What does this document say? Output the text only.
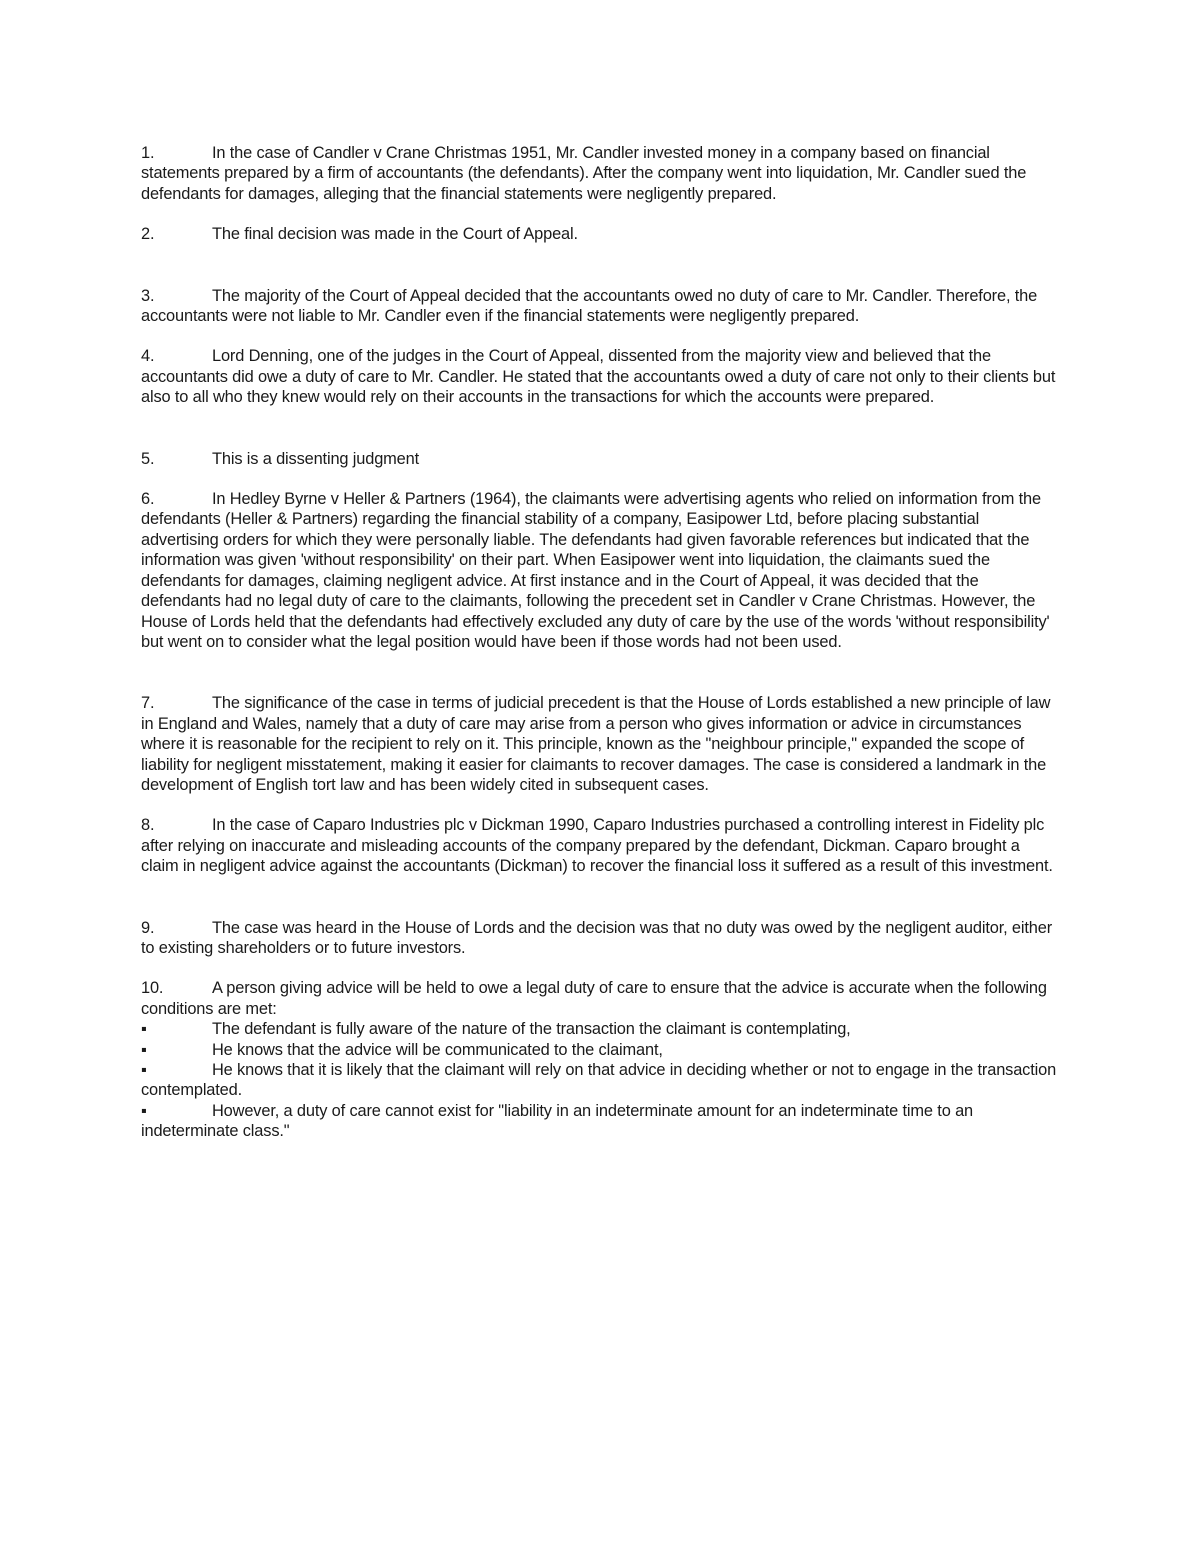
1.	In the case of Candler v Crane Christmas 1951, Mr. Candler invested money in a company based on financial statements prepared by a firm of accountants (the defendants). After the company went into liquidation, Mr. Candler sued the defendants for damages, alleging that the financial statements were negligently prepared.

2.	The final decision was made in the Court of Appeal.

3.	The majority of the Court of Appeal decided that the accountants owed no duty of care to Mr. Candler. Therefore, the accountants were not liable to Mr. Candler even if the financial statements were negligently prepared.

4.	Lord Denning, one of the judges in the Court of Appeal, dissented from the majority view and believed that the accountants did owe a duty of care to Mr. Candler. He stated that the accountants owed a duty of care not only to their clients but also to all who they knew would rely on their accounts in the transactions for which the accounts were prepared.

5.	This is a dissenting judgment

6.	In Hedley Byrne v Heller & Partners (1964), the claimants were advertising agents who relied on information from the defendants (Heller & Partners) regarding the financial stability of a company, Easipower Ltd, before placing substantial advertising orders for which they were personally liable. The defendants had given favorable references but indicated that the information was given 'without responsibility' on their part. When Easipower went into liquidation, the claimants sued the defendants for damages, claiming negligent advice. At first instance and in the Court of Appeal, it was decided that the defendants had no legal duty of care to the claimants, following the precedent set in Candler v Crane Christmas. However, the House of Lords held that the defendants had effectively excluded any duty of care by the use of the words 'without responsibility' but went on to consider what the legal position would have been if those words had not been used.

7.	The significance of the case in terms of judicial precedent is that the House of Lords established a new principle of law in England and Wales, namely that a duty of care may arise from a person who gives information or advice in circumstances where it is reasonable for the recipient to rely on it. This principle, known as the "neighbour principle," expanded the scope of liability for negligent misstatement, making it easier for claimants to recover damages. The case is considered a landmark in the development of English tort law and has been widely cited in subsequent cases.

8.	In the case of Caparo Industries plc v Dickman 1990, Caparo Industries purchased a controlling interest in Fidelity plc after relying on inaccurate and misleading accounts of the company prepared by the defendant, Dickman. Caparo brought a claim in negligent advice against the accountants (Dickman) to recover the financial loss it suffered as a result of this investment.

9.	The case was heard in the House of Lords and the decision was that no duty was owed by the negligent auditor, either to existing shareholders or to future investors.

10.	A person giving advice will be held to owe a legal duty of care to ensure that the advice is accurate when the following conditions are met:

▪	The defendant is fully aware of the nature of the transaction the claimant is contemplating,

▪	He knows that the advice will be communicated to the claimant,

▪	He knows that it is likely that the claimant will rely on that advice in deciding whether or not to engage in the transaction contemplated.

▪	However, a duty of care cannot exist for "liability in an indeterminate amount for an indeterminate time to an indeterminate class."
